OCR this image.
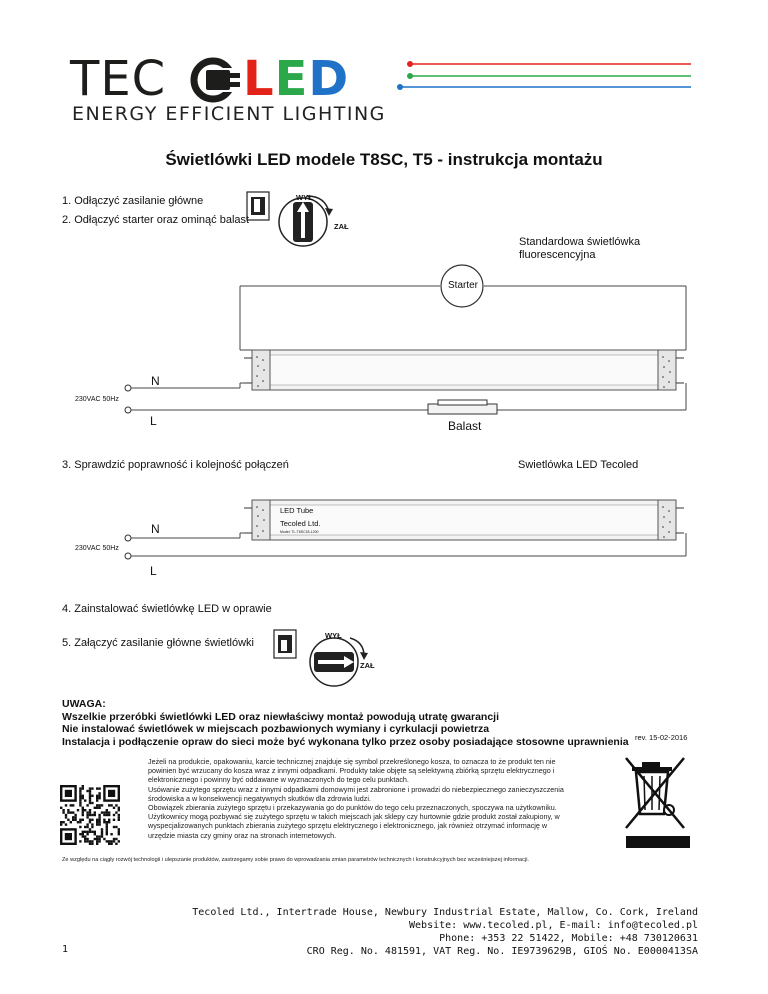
TEC LED
ENERGY EFFICIENT LIGHTING
Świetlówki LED modele T8SC, T5 - instrukcja montażu
1. Odłączyć zasilanie główne
2. Odłączyć starter oraz ominąć balast
WYŁ
ZAŁ
Standardowa świetlówka
fluorescencyjna
Starter
N
230VAC 50Hz
L	Balast
3. Sprawdzić poprawność i kolejność połączeń	Swietlówka LED Tecoled
LED Tube
Tecoled Ltd.
Model: TL-T8SC18-1200
N
230VAC 50Hz
L
4. Zainstalować świetlówkę LED w oprawie
5. Załączyć zasilanie główne świetlówki
WYŁ
ZAŁ
UWAGA:
Wszelkie przeróbki świetlówki LED oraz niewłaściwy montaż powodują utratę gwarancji
Nie instalować świetlówek w miejscach pozbawionych wymiany i cyrkulacji powietrza
Instalacja i podłączenie opraw do sieci może być wykonana tylko przez osoby posiadające stosowne uprawnienia rev. 15-02-2016
Jeżeli na produkcie, opakowaniu, karcie technicznej znajduje się symbol przekreślonego kosza, to oznacza to że produkt ten nie
powinien być wrzucany do kosza wraz z innymi odpadkami. Produkty takie objęte są selektywną zbiórką sprzętu elektrycznego i
elektronicznego i powinny być oddawane w wyznaczonych do tego celu punktach.
Usówanie zużytego sprzętu wraz z innymi odpadkami domowymi jest zabronione i prowadzi do niebezpiecznego zanieczyszczenia
środowiska a w konsekwencji negatywnych skutków dla zdrowia ludzi.
Obowiązek zbierania zużytego sprzętu i przekazywania go do punktów do tego celu przeznaczonych, spoczywa na użytkowniku.
Użytkownicy mogą pozbywać się zużytego sprzętu w takich miejscach jak sklepy czy hurtownie gdzie produkt został zakupiony, w
wyspecjalizowanych punktach zbierania zużytego sprzętu elektrycznego i elektronicznego, jak również otrzymać informację w
urzędzie miasta czy gminy oraz na stronach internetowych.
Ze względu na ciągły rozwój technologii i ulepszanie produktów, zastrzegamy sobie prawo do wprowadzania zmian parametrów technicznych i konstrukcyjnych bez wcześniejszej informacji.
Tecoled Ltd., Intertrade House, Newbury Industrial Estate, Mallow, Co. Cork, Ireland
Website: www.tecoled.pl, E-mail: info@tecoled.pl
Phone: +353 22 51422, Mobile: +48 730120631
CRO Reg. No. 481591, VAT Reg. No. IE9739629B, GIOŚ No. E0000413SA
1
